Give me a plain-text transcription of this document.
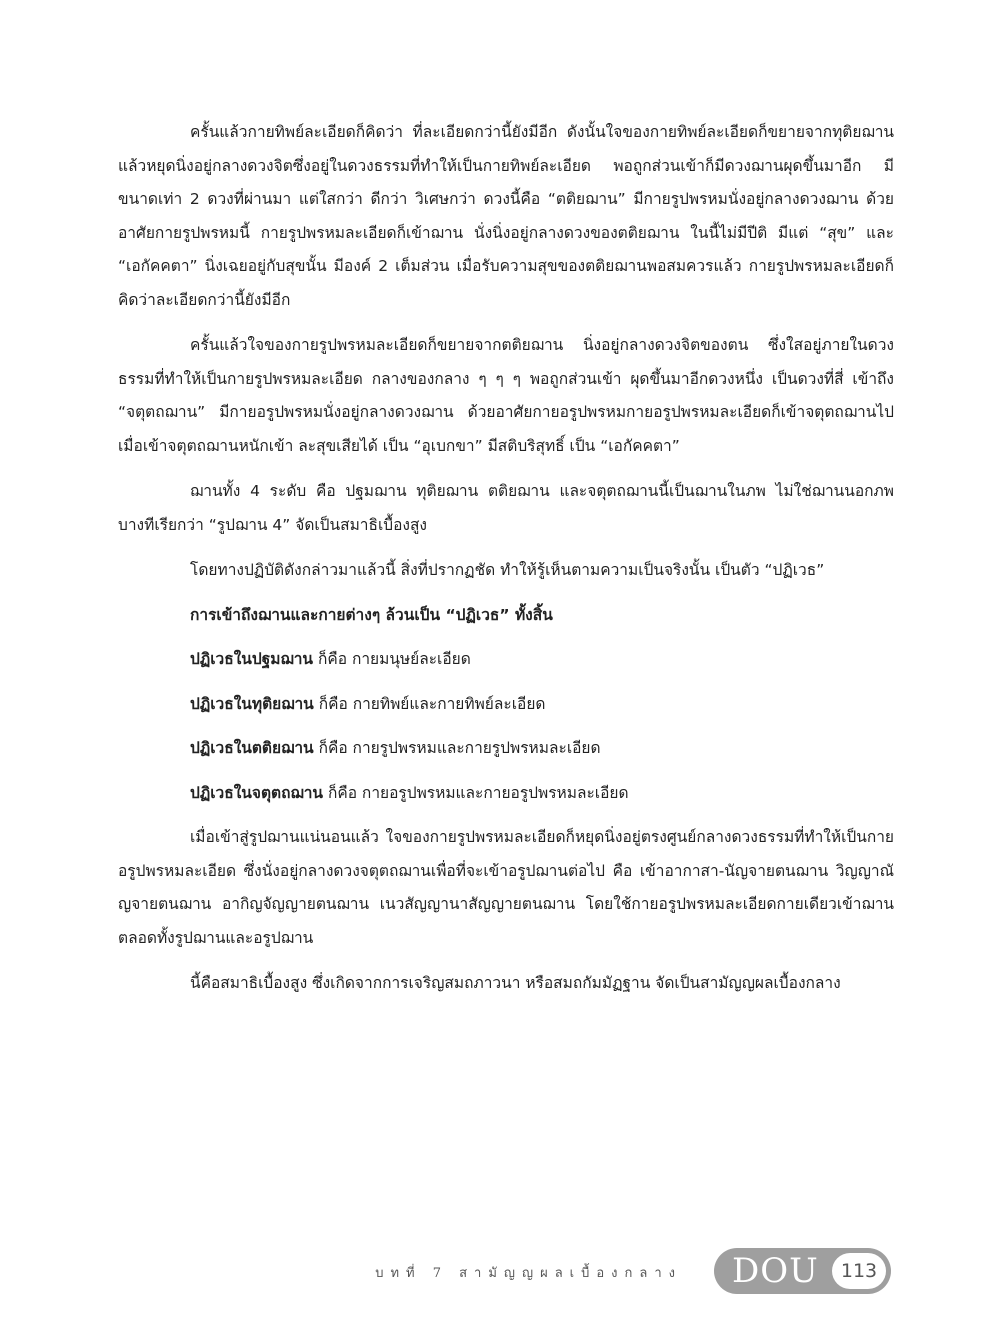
ครั้นแล้วกายทิพย์ละเอียดก็คิดว่า ที่ละเอียดกว่านี้ยังมีอีก ดังนั้นใจของกายทิพย์ละเอียดก็ขยายจากทุติยฌาน แล้วหยุดนิ่งอยู่กลางดวงจิตซึ่งอยู่ในดวงธรรมที่ทำให้เป็นกายทิพย์ละเอียด พอถูกส่วนเข้าก็มีดวงฌานผุดขึ้นมาอีก มีขนาดเท่า 2 ดวงที่ผ่านมา แต่ใสกว่า ดีกว่า วิเศษกว่า ดวงนี้คือ “ตติยฌาน” มีกายรูปพรหมนั่งอยู่กลางดวงฌาน ด้วยอาศัยกายรูปพรหมนี้ กายรูปพรหมละเอียดก็เข้าฌาน นั่งนิ่งอยู่กลางดวงของตติยฌาน ในนี้ไม่มีปีติ มีแต่ “สุข” และ “เอกัคคตา” นิ่งเฉยอยู่กับสุขนั้น มีองค์ 2 เต็มส่วน เมื่อรับความสุขของตติยฌานพอสมควรแล้ว กายรูปพรหมละเอียดก็คิดว่าละเอียดกว่านี้ยังมีอีก

ครั้นแล้วใจของกายรูปพรหมละเอียดก็ขยายจากตติยฌาน นิ่งอยู่กลางดวงจิตของตน ซึ่งใสอยู่ภายในดวงธรรมที่ทำให้เป็นกายรูปพรหมละเอียด กลางของกลาง ๆ ๆ ๆ พอถูกส่วนเข้า ผุดขึ้นมาอีกดวงหนึ่ง เป็นดวงที่สี่ เข้าถึง “จตุตถฌาน” มีกายอรูปพรหมนั่งอยู่กลางดวงฌาน ด้วยอาศัยกายอรูปพรหมกายอรูปพรหมละเอียดก็เข้าจตุตถฌานไป เมื่อเข้าจตุตถฌานหนักเข้า ละสุขเสียได้ เป็น “อุเบกขา” มีสติบริสุทธิ์ เป็น “เอกัคคตา”

ฌานทั้ง 4 ระดับ คือ ปฐมฌาน ทุติยฌาน ตติยฌาน และจตุตถฌานนี้เป็นฌานในภพ ไม่ใช่ฌานนอกภพ บางทีเรียกว่า “รูปฌาน 4” จัดเป็นสมาธิเบื้องสูง

โดยทางปฏิบัติดังกล่าวมาแล้วนี้ สิ่งที่ปรากฏชัด ทำให้รู้เห็นตามความเป็นจริงนั้น เป็นตัว “ปฏิเวธ”

การเข้าถึงฌานและกายต่างๆ ล้วนเป็น “ปฏิเวธ” ทั้งสิ้น

ปฏิเวธในปฐมฌาน ก็คือ กายมนุษย์ละเอียด

ปฏิเวธในทุติยฌาน ก็คือ กายทิพย์และกายทิพย์ละเอียด

ปฏิเวธในตติยฌาน ก็คือ กายรูปพรหมและกายรูปพรหมละเอียด

ปฏิเวธในจตุตถฌาน ก็คือ กายอรูปพรหมและกายอรูปพรหมละเอียด

เมื่อเข้าสู่รูปฌานแน่นอนแล้ว ใจของกายรูปพรหมละเอียดก็หยุดนิ่งอยู่ตรงศูนย์กลางดวงธรรมที่ทำให้เป็นกายอรูปพรหมละเอียด ซึ่งนั่งอยู่กลางดวงจตุตถฌานเพื่อที่จะเข้าอรูปฌานต่อไป คือ เข้าอากาสา-นัญจายตนฌาน วิญญาณัญจายตนฌาน อากิญจัญญายตนฌาน เนวสัญญานาสัญญายตนฌาน โดยใช้กายอรูปพรหมละเอียดกายเดียวเข้าฌานตลอดทั้งรูปฌานและอรูปฌาน

นี้คือสมาธิเบื้องสูง ซึ่งเกิดจากการเจริญสมถภาวนา หรือสมถกัมมัฏฐาน จัดเป็นสามัญญผลเบื้องกลาง

บทที่ 7 สามัญญผลเบื้องกลาง DOU	113
